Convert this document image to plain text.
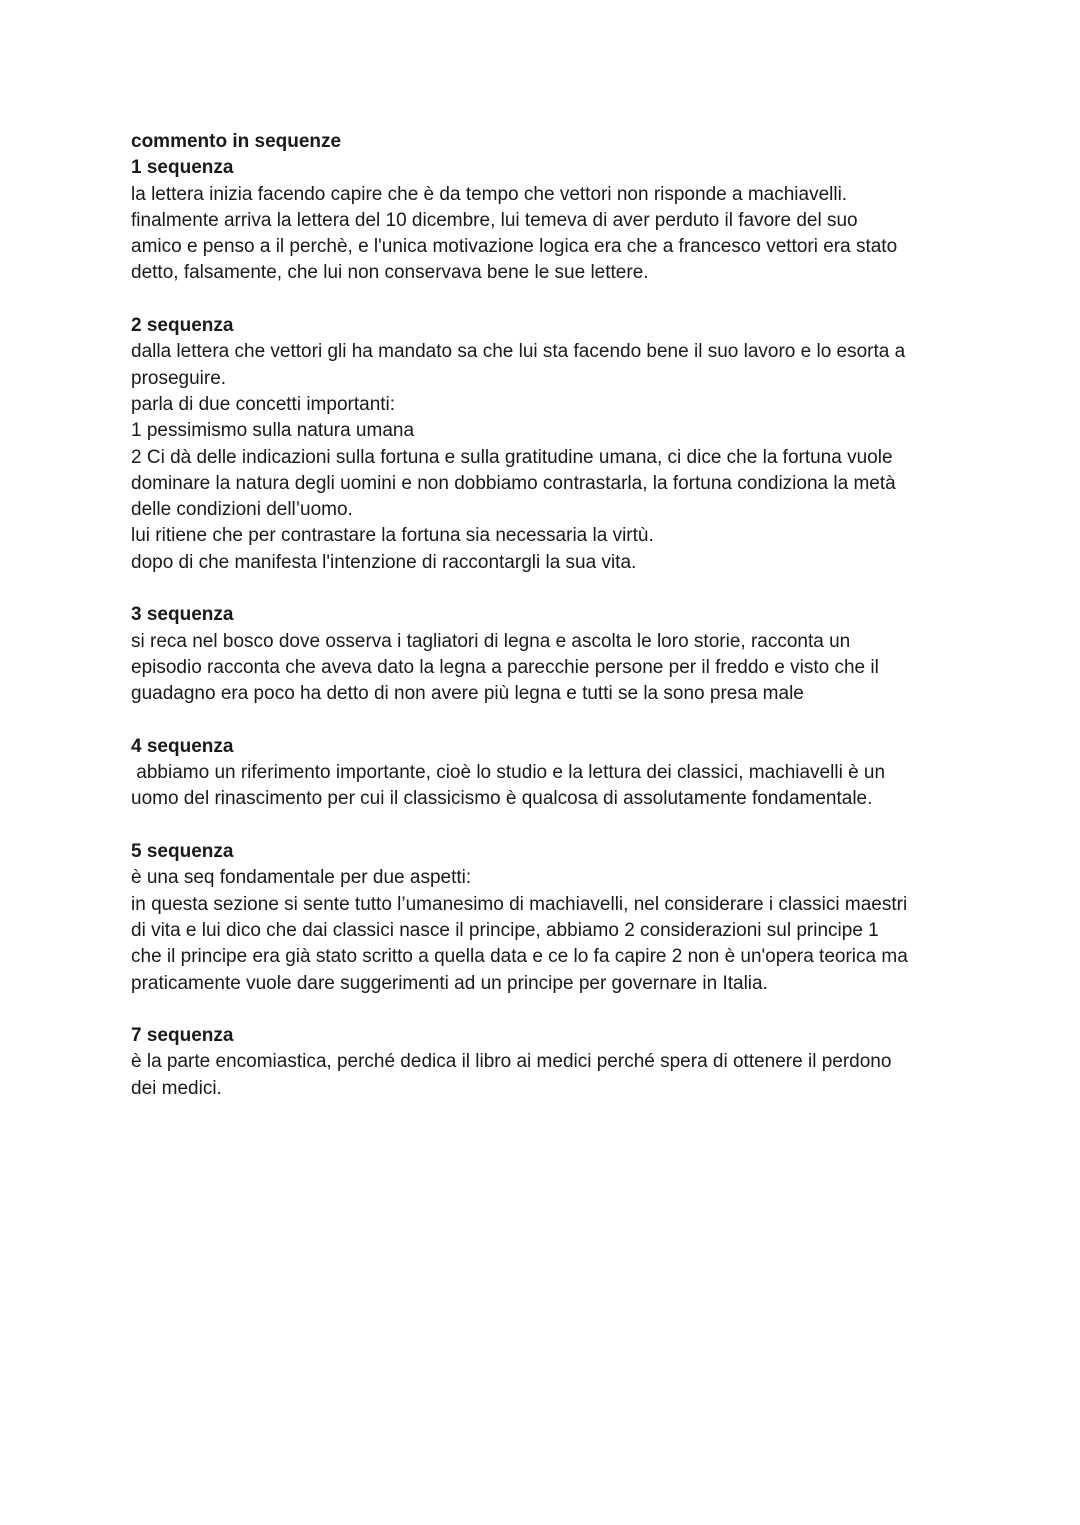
commento in sequenze

1 sequenza

la lettera inizia facendo capire che è da tempo che vettori non risponde a machiavelli.

finalmente arriva la lettera del 10 dicembre, lui temeva di aver perduto il favore del suo

amico e penso a il perchè, e l'unica motivazione logica era che a francesco vettori era stato

detto, falsamente, che lui non conservava bene le sue lettere.

2 sequenza

dalla lettera che vettori gli ha mandato sa che lui sta facendo bene il suo lavoro e lo esorta a

proseguire.

parla di due concetti importanti:

1 pessimismo sulla natura umana

2 Ci dà delle indicazioni sulla fortuna e sulla gratitudine umana, ci dice che la fortuna vuole

dominare la natura degli uomini e non dobbiamo contrastarla, la fortuna condiziona la metà

delle condizioni dell’uomo.

lui ritiene che per contrastare la fortuna sia necessaria la virtù.

dopo di che manifesta l'intenzione di raccontargli la sua vita.

3 sequenza

si reca nel bosco dove osserva i tagliatori di legna e ascolta le loro storie, racconta un

episodio racconta che aveva dato la legna a parecchie persone per il freddo e visto che il

guadagno era poco ha detto di non avere più legna e tutti se la sono presa male

4 sequenza

abbiamo un riferimento importante, cioè lo studio e la lettura dei classici, machiavelli è un

uomo del rinascimento per cui il classicismo è qualcosa di assolutamente fondamentale.

5 sequenza

è una seq fondamentale per due aspetti:

in questa sezione si sente tutto l’umanesimo di machiavelli, nel considerare i classici maestri

di vita e lui dico che dai classici nasce il principe, abbiamo 2 considerazioni sul principe 1

che il principe era già stato scritto a quella data e ce lo fa capire 2 non è un'opera teorica ma

praticamente vuole dare suggerimenti ad un principe per governare in Italia.

7 sequenza

è la parte encomiastica, perché dedica il libro ai medici perché spera di ottenere il perdono

dei medici.
